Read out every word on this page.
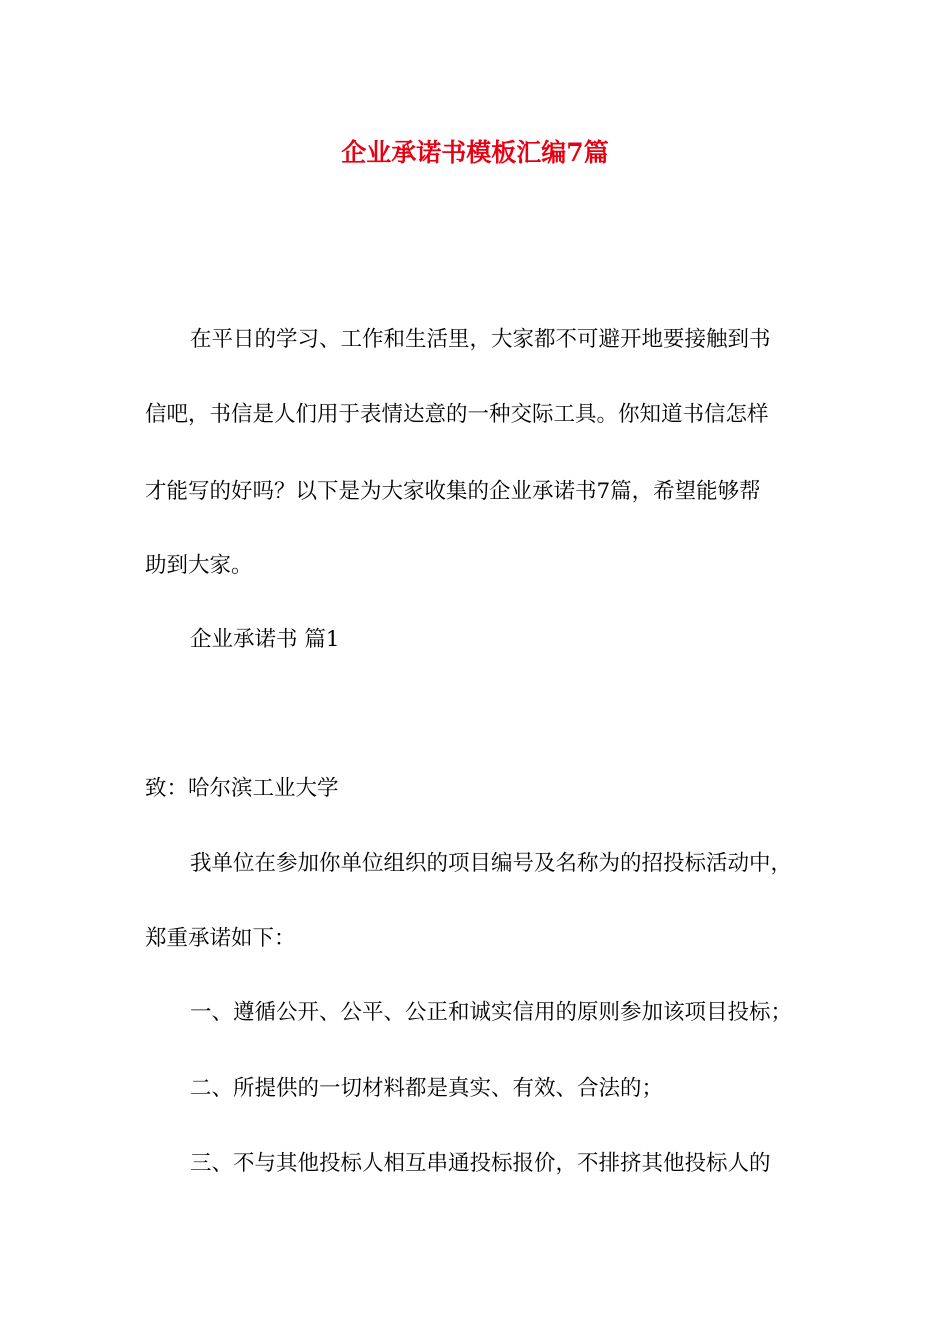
企业承诺书模板汇编7篇
在平日的学习、工作和生活里，大家都不可避开地要接触到书
信吧，书信是人们用于表情达意的一种交际工具。你知道书信怎样
才能写的好吗？以下是为大家收集的企业承诺书7篇，希望能够帮
助到大家。
企业承诺书 篇1
致：哈尔滨工业大学
我单位在参加你单位组织的项目编号及名称为的招投标活动中，
郑重承诺如下：
一、遵循公开、公平、公正和诚实信用的原则参加该项目投标；
二、所提供的一切材料都是真实、有效、合法的；
三、不与其他投标人相互串通投标报价，不排挤其他投标人的
